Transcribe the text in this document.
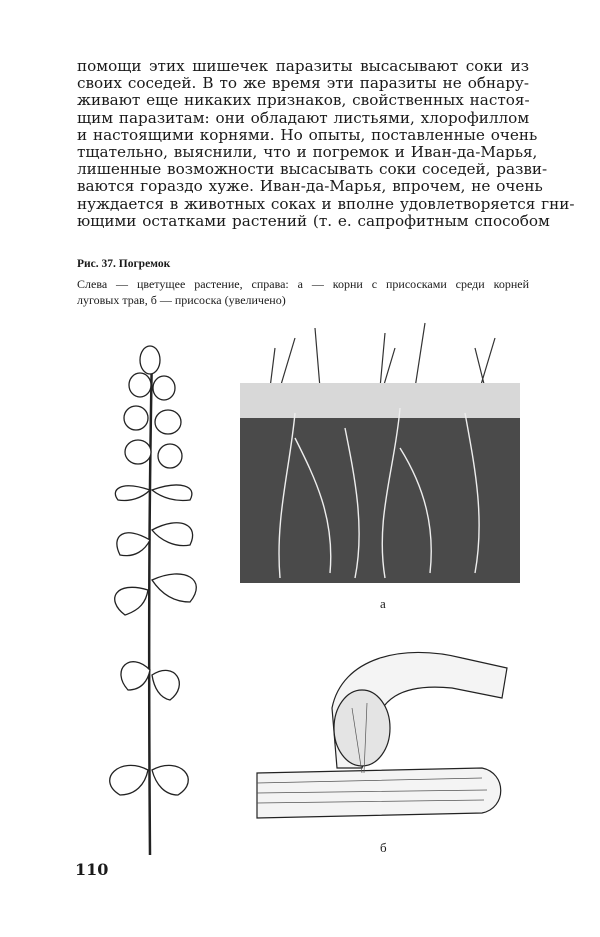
помощи этих шишечек паразиты высасывают соки из
своих соседей. В то же время эти паразиты не обнару-
живают еще никаких признаков, свойственных настоя-
щим паразитам: они обладают листьями, хлорофиллом
и настоящими корнями. Но опыты, поставленные очень
тщательно, выяснили, что и погремок и Иван-да-Марья,
лишенные возможности высасывать соки соседей, разви-
ваются гораздо хуже. Иван-да-Марья, впрочем, не очень
нуждается в животных соках и вполне удовлетворяется гни-
ющими остатками растений (т. е. сапрофитным способом
Рис. 37. Погремок
Слева — цветущее растение, справа: а — корни с присосками среди корней
луговых трав, б — присоска (увеличено)
а
б
110
